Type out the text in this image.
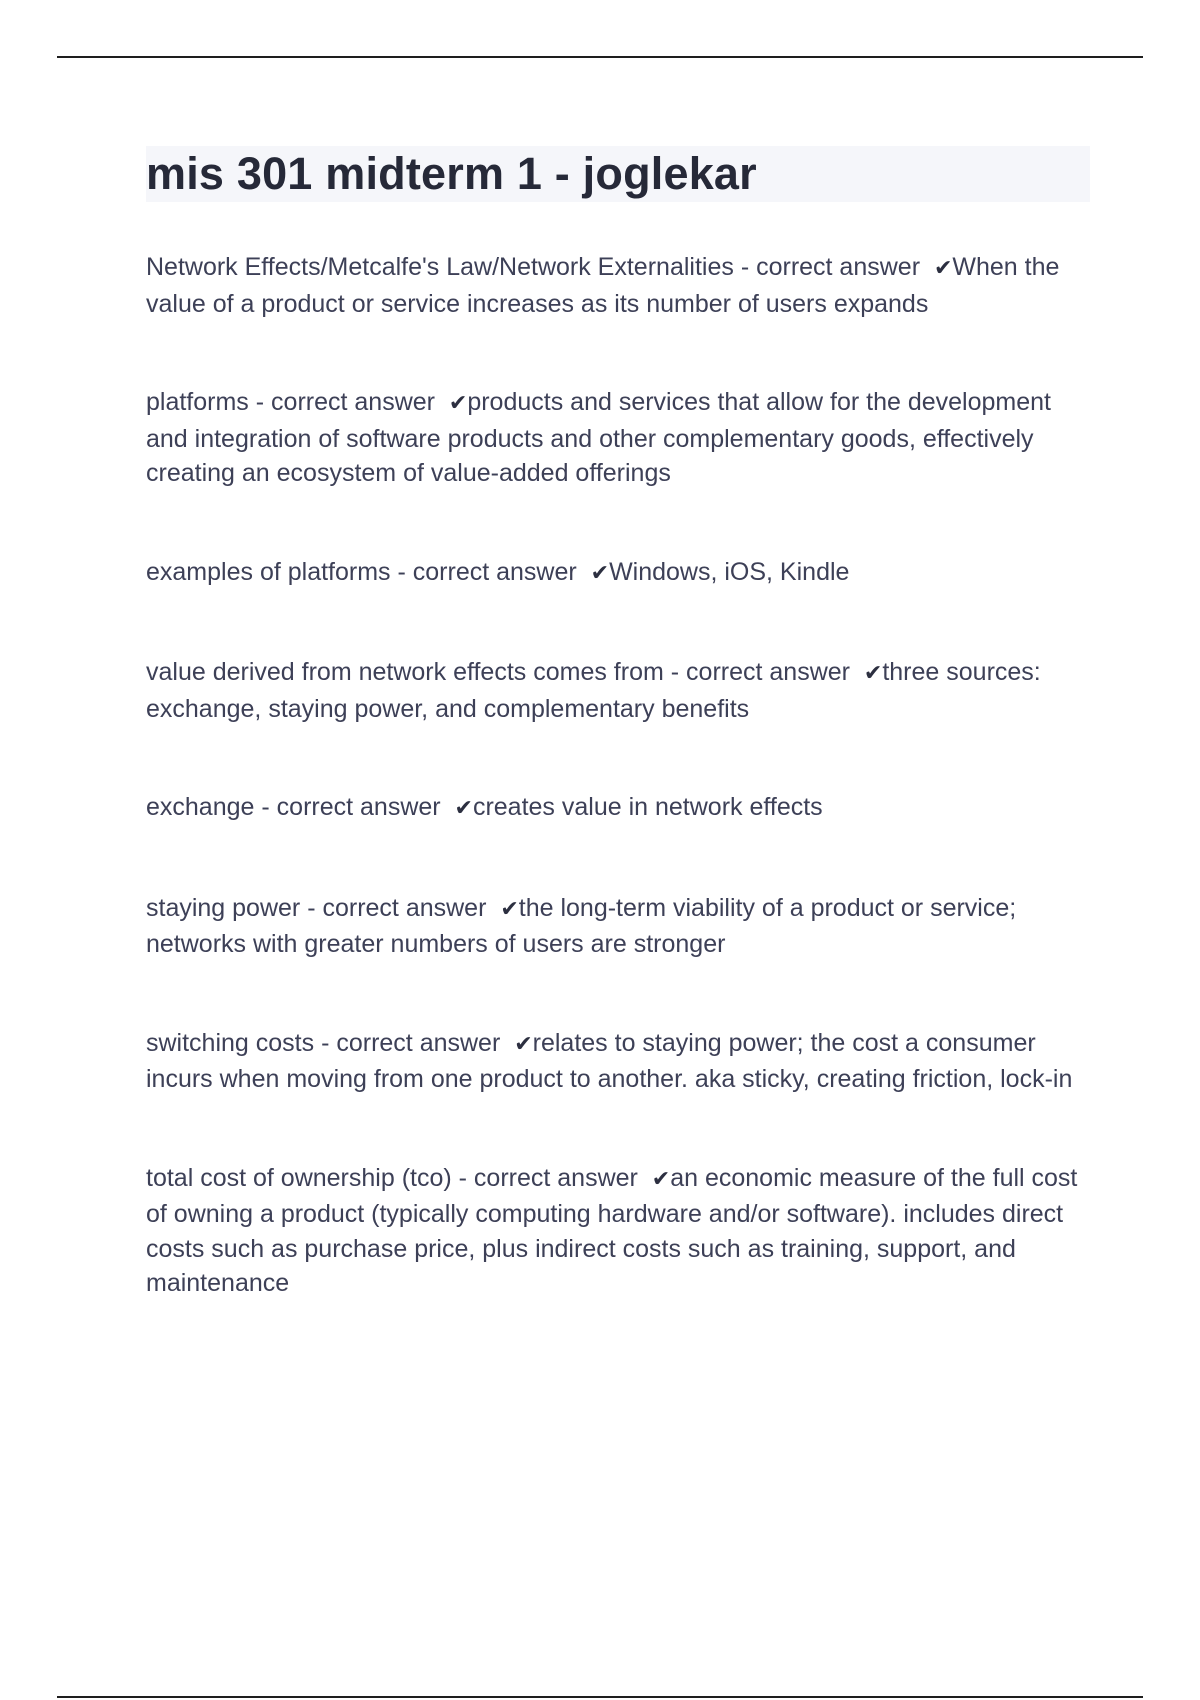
mis 301 midterm 1 - joglekar
Network Effects/Metcalfe's Law/Network Externalities - correct answer ✔When the value of a product or service increases as its number of users expands
platforms - correct answer ✔products and services that allow for the development and integration of software products and other complementary goods, effectively creating an ecosystem of value-added offerings
examples of platforms - correct answer ✔Windows, iOS, Kindle
value derived from network effects comes from - correct answer ✔three sources: exchange, staying power, and complementary benefits
exchange - correct answer ✔creates value in network effects
staying power - correct answer ✔the long-term viability of a product or service; networks with greater numbers of users are stronger
switching costs - correct answer ✔relates to staying power; the cost a consumer incurs when moving from one product to another. aka sticky, creating friction, lock-in
total cost of ownership (tco) - correct answer ✔an economic measure of the full cost of owning a product (typically computing hardware and/or software). includes direct costs such as purchase price, plus indirect costs such as training, support, and maintenance
